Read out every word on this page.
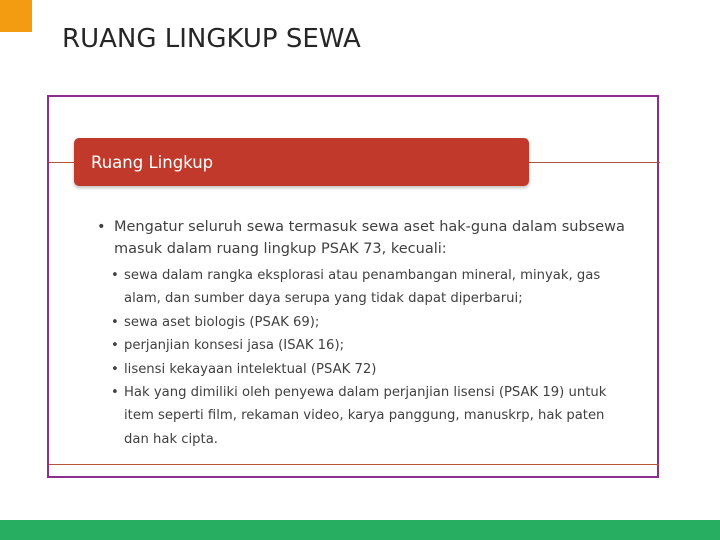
RUANG LINGKUP SEWA
Ruang Lingkup
• Mengatur seluruh sewa termasuk sewa aset hak-guna dalam subsewa masuk dalam ruang lingkup PSAK 73, kecuali:
• sewa dalam rangka eksplorasi atau penambangan mineral, minyak, gas alam, dan sumber daya serupa yang tidak dapat diperbarui;
• sewa aset biologis (PSAK 69);
• perjanjian konsesi jasa (ISAK 16);
• lisensi kekayaan intelektual (PSAK 72)
• Hak yang dimiliki oleh penyewa dalam perjanjian lisensi (PSAK 19) untuk item seperti film, rekaman video, karya panggung, manuskrp, hak paten dan hak cipta.
